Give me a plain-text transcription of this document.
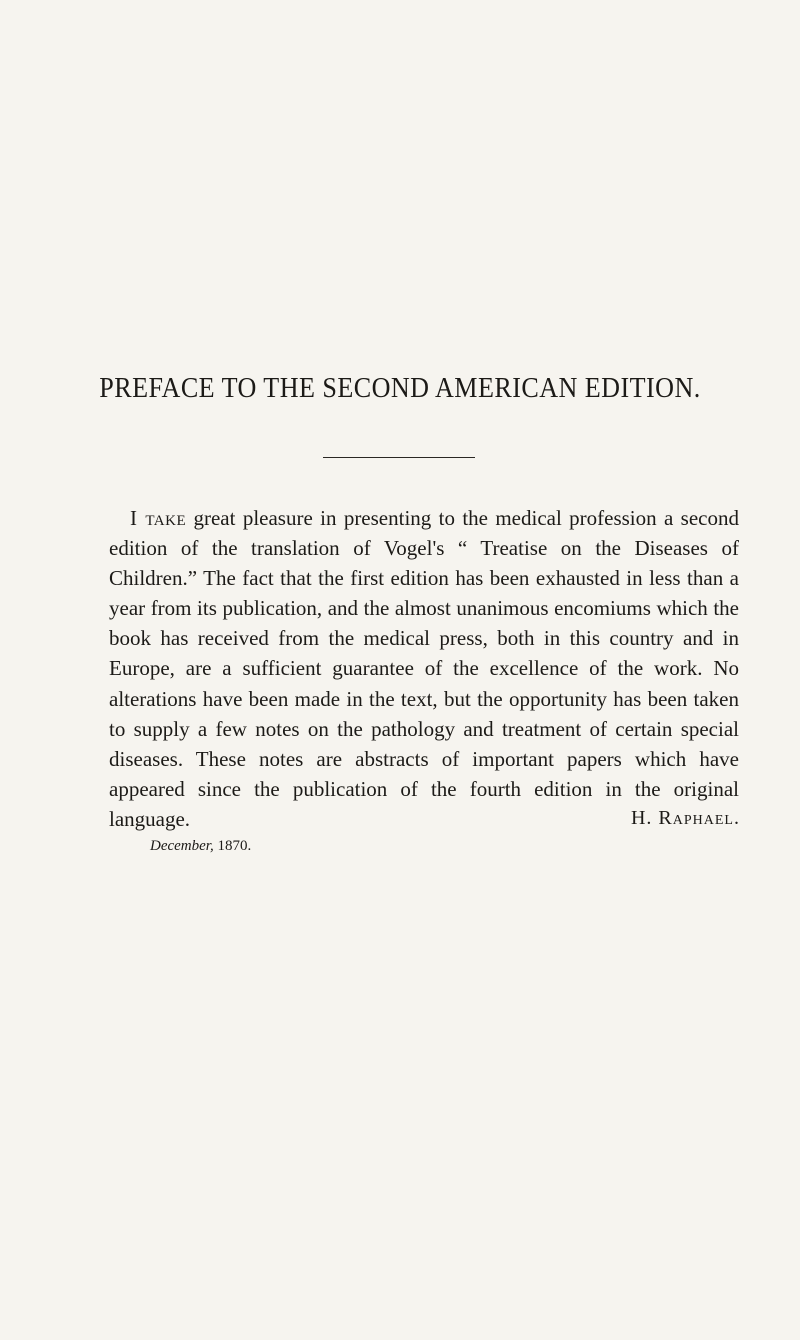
PREFACE TO THE SECOND AMERICAN EDITION.

I take great pleasure in presenting to the medical profession a second edition of the translation of Vogel's “ Treatise on the Diseases of Children.” The fact that the first edition has been exhausted in less than a year from its publication, and the almost unanimous encomiums which the book has received from the medical press, both in this country and in Europe, are a sufficient guarantee of the excellence of the work. No alterations have been made in the text, but the opportunity has been taken to supply a few notes on the pathology and treatment of certain special diseases. These notes are abstracts of important papers which have appeared since the publication of the fourth edition in the original language.	H. Raphael.
December, 1870.
